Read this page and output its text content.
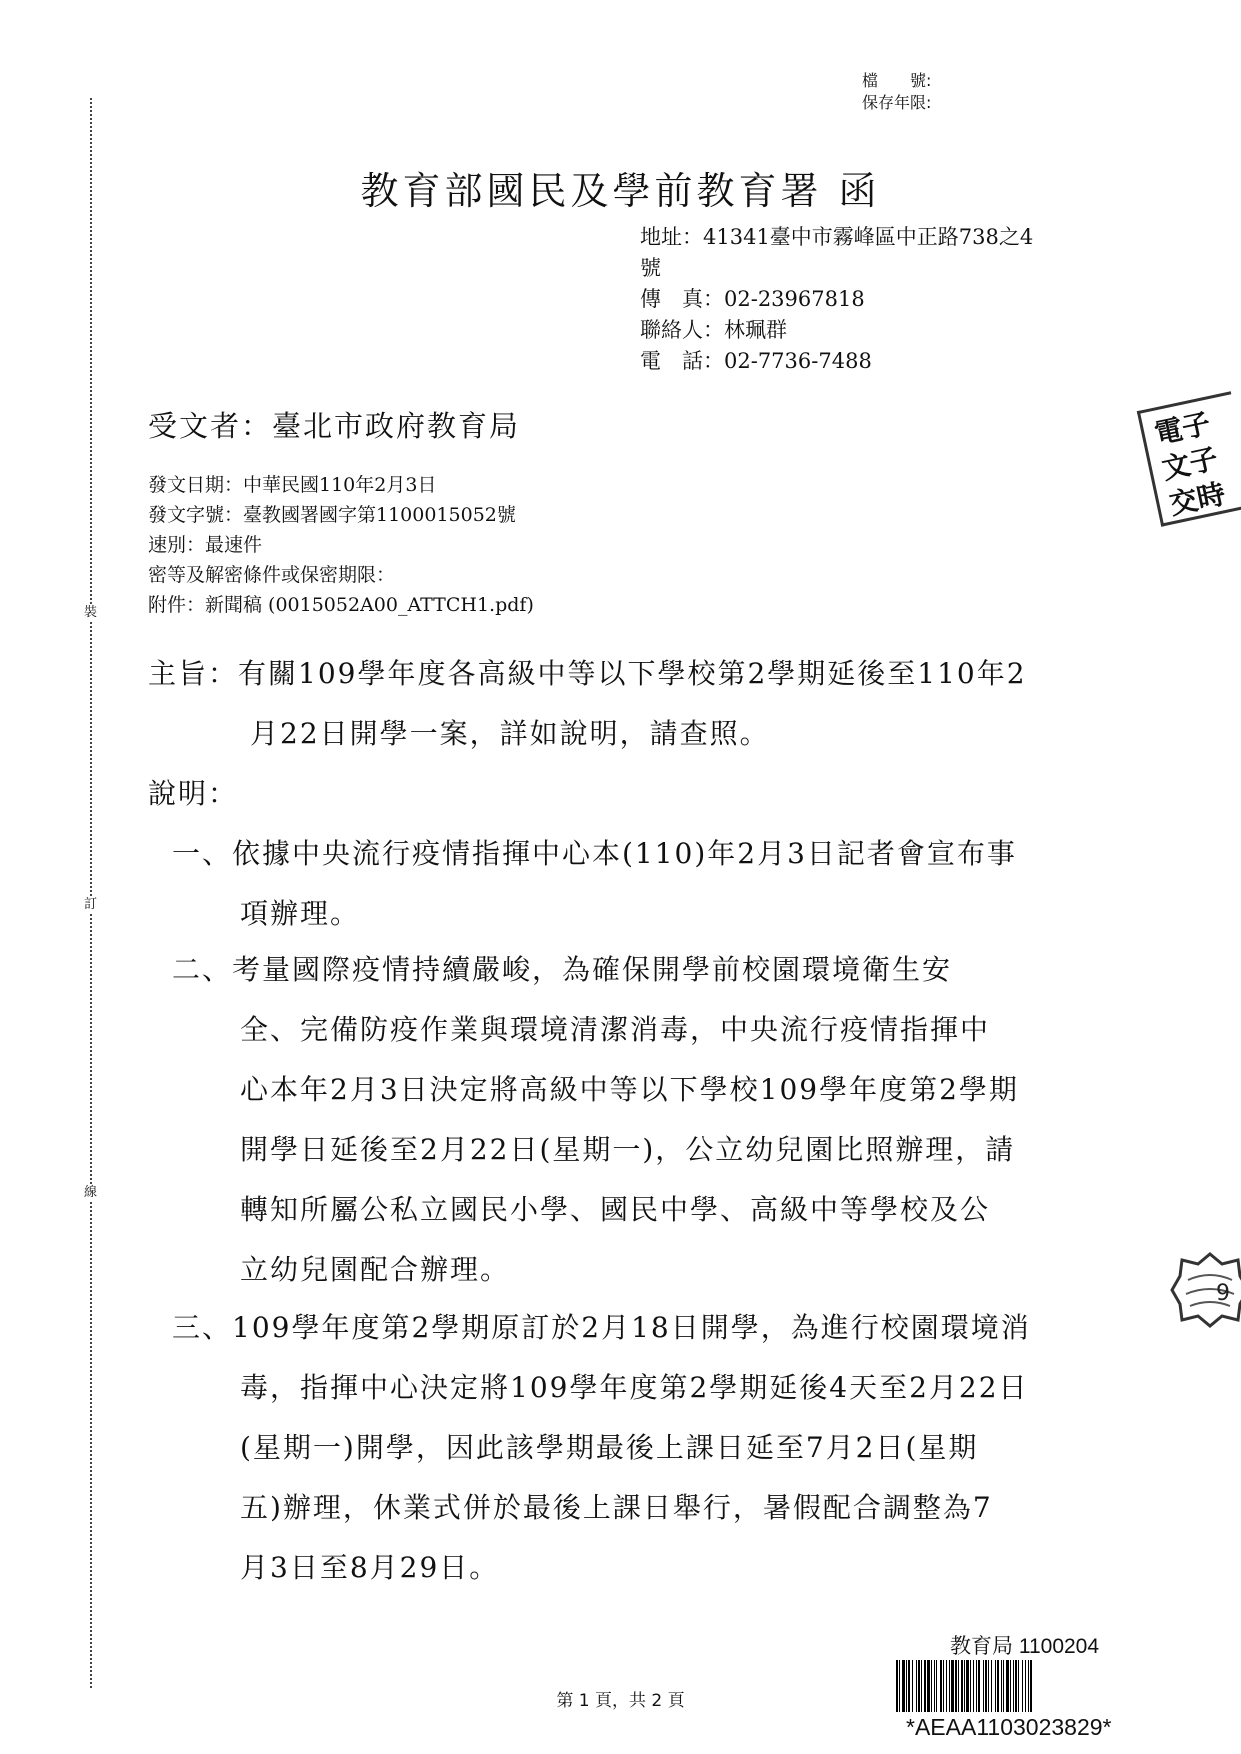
裝
訂
線
檔　　號:
保存年限:
教育部國民及學前教育署 函
地址：41341臺中市霧峰區中正路738之4
號
傳　真：02-23967818
聯絡人：林珮群
電　話：02-7736-7488
電子
文子
交時
受文者：臺北市政府教育局
發文日期：中華民國110年2月3日
發文字號：臺教國署國字第1100015052號
速別：最速件
密等及解密條件或保密期限：
附件：新聞稿 (0015052A00_ATTCH1.pdf)
主旨：有關109學年度各高級中等以下學校第2學期延後至110年2
月22日開學一案，詳如說明，請查照。
說明：
一、依據中央流行疫情指揮中心本(110)年2月3日記者會宣布事
項辦理。
二、考量國際疫情持續嚴峻，為確保開學前校園環境衛生安
全、完備防疫作業與環境清潔消毒，中央流行疫情指揮中
心本年2月3日決定將高級中等以下學校109學年度第2學期
開學日延後至2月22日(星期一)，公立幼兒園比照辦理，請
轉知所屬公私立國民小學、國民中學、高級中等學校及公
立幼兒園配合辦理。
三、109學年度第2學期原訂於2月18日開學，為進行校園環境消
毒，指揮中心決定將109學年度第2學期延後4天至2月22日
(星期一)開學，因此該學期最後上課日延至7月2日(星期
五)辦理，休業式併於最後上課日舉行，暑假配合調整為7
月3日至8月29日。
9
教育局 1100204
*AEAA1103023829*
第 1 頁，共 2 頁
